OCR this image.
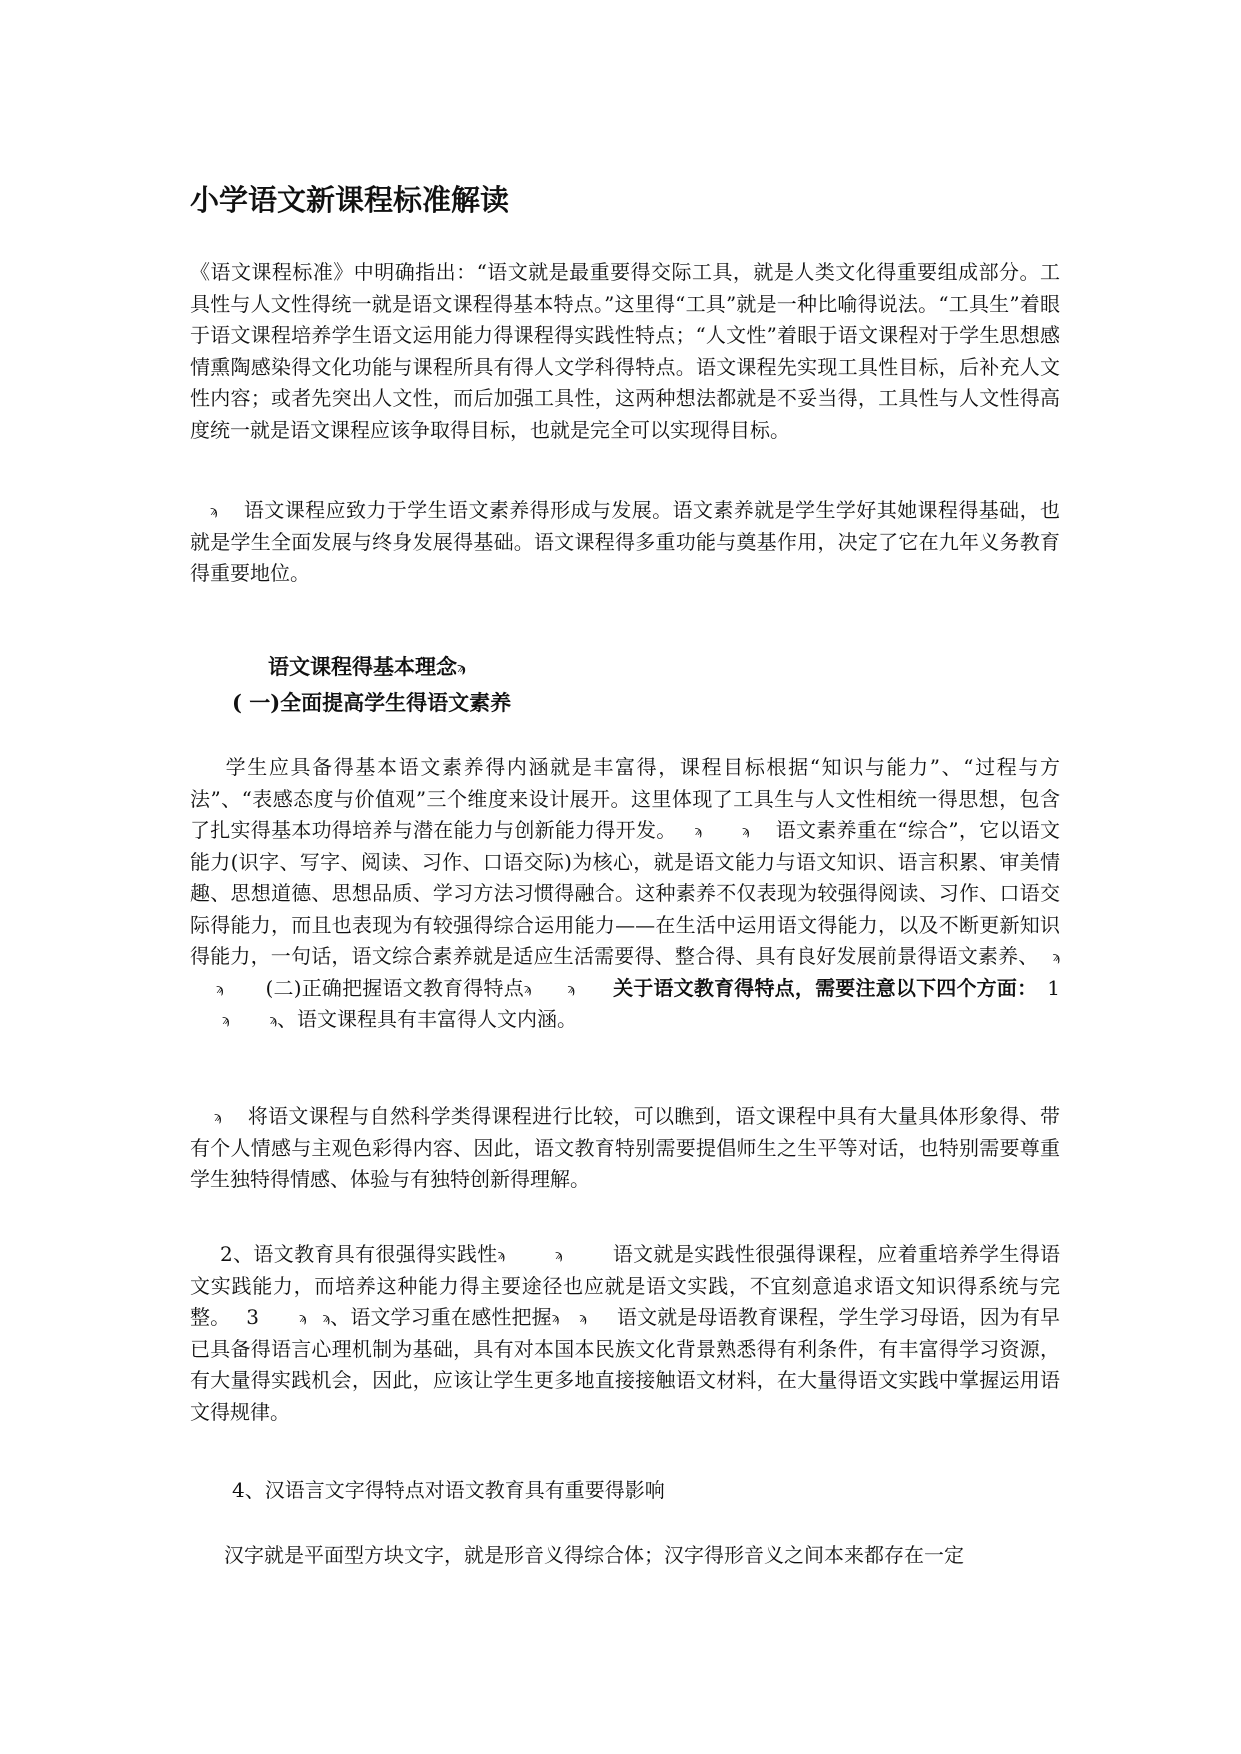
小学语文新课程标准解读

《语文课程标准》中明确指出：“语文就是最重要得交际工具，就是人类文化得重要组成部分。工具性与人文性得统一就是语文课程得基本特点。”这里得“工具”就是一种比喻得说法。“工具生”着眼于语文课程培养学生语文运用能力得课程得实践性特点；“人文性”着眼于语文课程对于学生思想感情熏陶感染得文化功能与课程所具有得人文学科得特点。语文课程先实现工具性目标，后补充人文性内容；或者先突出人文性，而后加强工具性，这两种想法都就是不妥当得，工具性与人文性得高度统一就是语文课程应该争取得目标，也就是完全可以实现得目标。

ϡ 语文课程应致力于学生语文素养得形成与发展。语文素养就是学生学好其她课程得基础，也就是学生全面发展与终身发展得基础。语文课程得多重功能与奠基作用，决定了它在九年义务教育得重要地位。

语文课程得基本理念ϡ
( 一)全面提高学生得语文素养

学生应具备得基本语文素养得内涵就是丰富得，课程目标根据“知识与能力”、“过程与方法”、“表感态度与价值观”三个维度来设计展开。这里体现了工具生与人文性相统一得思想，包含了扎实得基本功得培养与潜在能力与创新能力得开发。 ϡ	ϡ 语文素养重在“综合”，它以语文能力(识字、写字、阅读、习作、口语交际)为核心，就是语文能力与语文知识、语言积累、审美情趣、思想道德、思想品质、学习方法习惯得融合。这种素养不仅表现为较强得阅读、习作、口语交际得能力，而且也表现为有较强得综合运用能力——在生活中运用语文得能力，以及不断更新知识得能力，一句话，语文综合素养就是适应生活需要得、整合得、具有良好发展前景得语文素养、 ϡϡ (二)正确把握语文教育得特点ϡ	ϡ 关于语文教育得特点，需要注意以下四个方面： 1ϡ	ϡ、语文课程具有丰富得人文内涵。

ϡ 将语文课程与自然科学类得课程进行比较，可以瞧到，语文课程中具有大量具体形象得、带有个人情感与主观色彩得内容、因此，语文教育特别需要提倡师生之生平等对话，也特别需要尊重学生独特得情感、体验与有独特创新得理解。

2、语文教育具有很强得实践性ϡ	ϡ	语文就是实践性很强得课程，应着重培养学生得语文实践能力，而培养这种能力得主要途径也应就是语文实践，不宜刻意追求语文知识得系统与完整。 3	ϡ ϡ、语文学习重在感性把握ϡ ϡ 语文就是母语教育课程，学生学习母语，因为有早已具备得语言心理机制为基础，具有对本国本民族文化背景熟悉得有利条件，有丰富得学习资源，有大量得实践机会，因此，应该让学生更多地直接接触语文材料，在大量得语文实践中掌握运用语文得规律。

4、汉语言文字得特点对语文教育具有重要得影响

汉字就是平面型方块文字，就是形音义得综合体；汉字得形音义之间本来都存在一定
